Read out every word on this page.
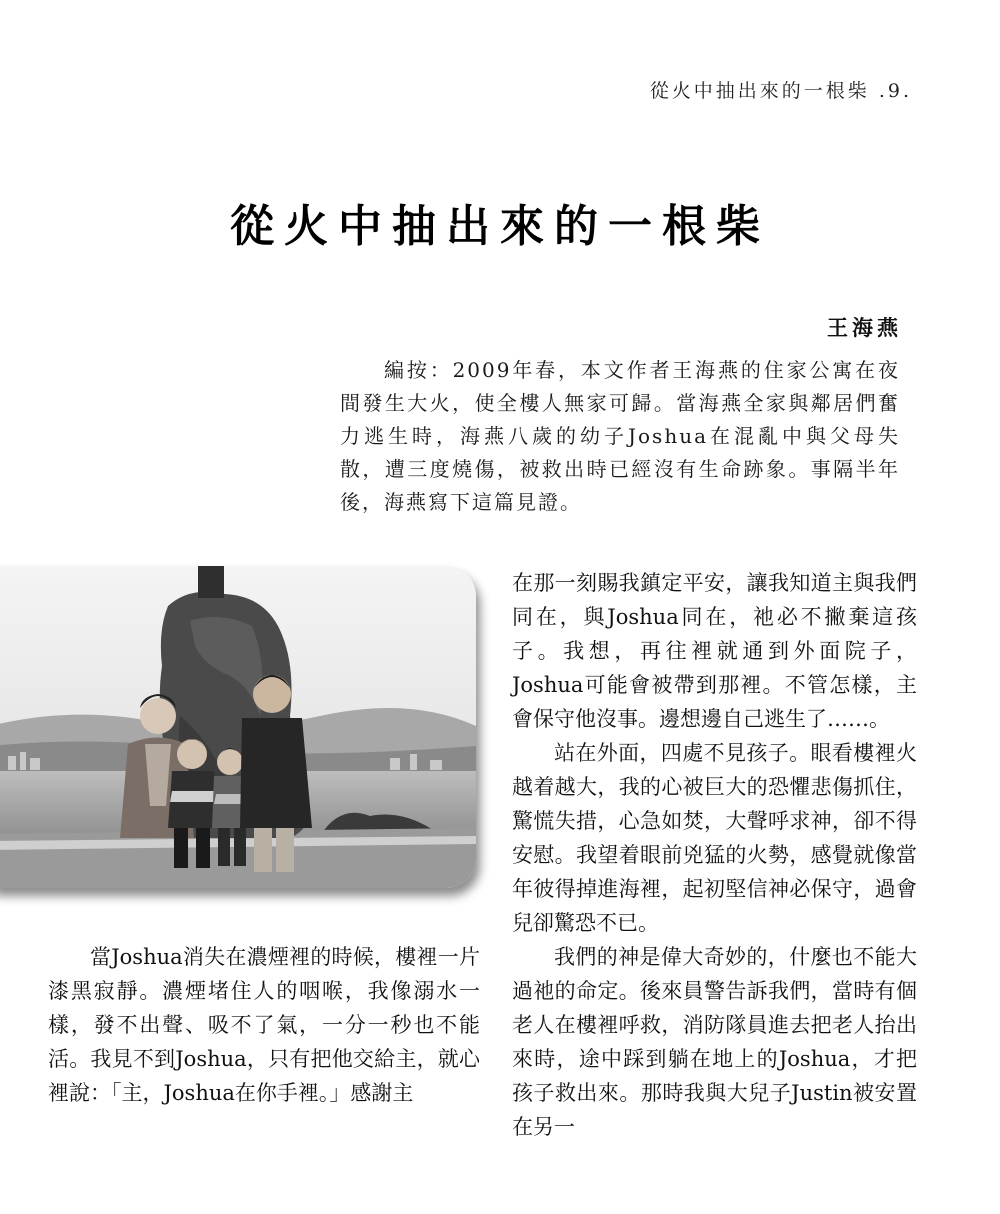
從火中抽出來的一根柴 .9.
從火中抽出來的一根柴
王海燕
編按：2009年春，本文作者王海燕的住家公寓在夜間發生大火，使全樓人無家可歸。當海燕全家與鄰居們奮力逃生時，海燕八歲的幼子Joshua在混亂中與父母失散，遭三度燒傷，被救出時已經沒有生命跡象。事隔半年後，海燕寫下這篇見證。

當Joshua消失在濃煙裡的時候，樓裡一片漆黑寂靜。濃煙堵住人的咽喉，我像溺水一樣，發不出聲、吸不了氣，一分一秒也不能活。我見不到Joshua，只有把他交給主，就心裡說：「主，Joshua在你手裡。」感謝主

在那一刻賜我鎮定平安，讓我知道主與我們同在，與Joshua同在，祂必不撇棄這孩子。我想，再往裡就通到外面院子，Joshua可能會被帶到那裡。不管怎樣，主會保守他沒事。邊想邊自己逃生了……。

站在外面，四處不見孩子。眼看樓裡火越着越大，我的心被巨大的恐懼悲傷抓住，驚慌失措，心急如焚，大聲呼求神，卻不得安慰。我望着眼前兇猛的火勢，感覺就像當年彼得掉進海裡，起初堅信神必保守，過會兒卻驚恐不已。

我們的神是偉大奇妙的，什麼也不能大過祂的命定。後來員警告訴我們，當時有個老人在樓裡呼救，消防隊員進去把老人抬出來時，途中踩到躺在地上的Joshua，才把孩子救出來。那時我與大兒子Justin被安置在另一
